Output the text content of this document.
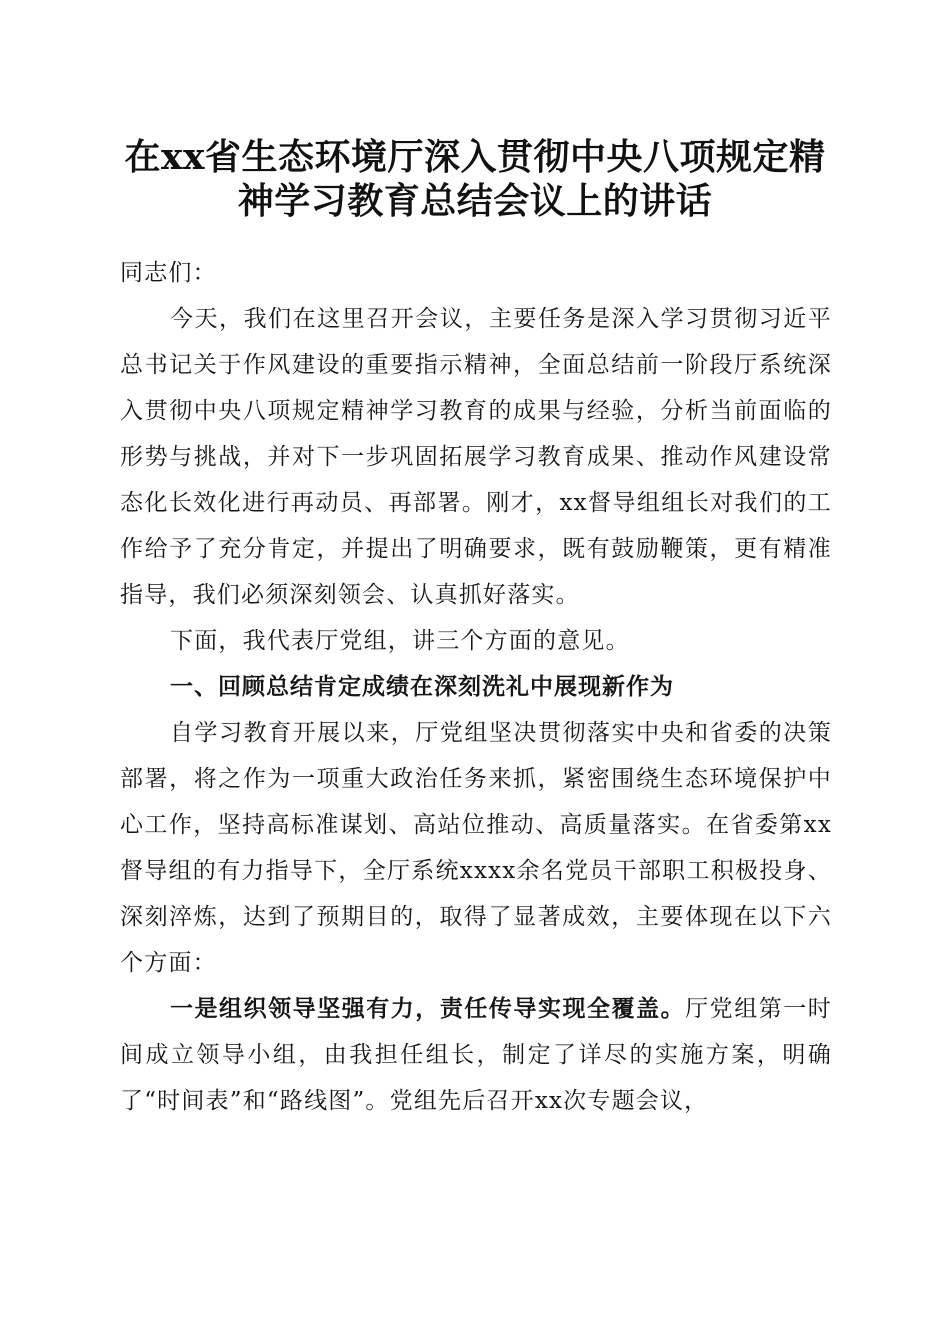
在xx省生态环境厅深入贯彻中央八项规定精
神学习教育总结会议上的讲话

同志们：

今天，我们在这里召开会议，主要任务是深入学习贯彻习近平总书记关于作风建设的重要指示精神，全面总结前一阶段厅系统深入贯彻中央八项规定精神学习教育的成果与经验，分析当前面临的形势与挑战，并对下一步巩固拓展学习教育成果、推动作风建设常态化长效化进行再动员、再部署。刚才，xx督导组组长对我们的工作给予了充分肯定，并提出了明确要求，既有鼓励鞭策，更有精准指导，我们必须深刻领会、认真抓好落实。

下面，我代表厅党组，讲三个方面的意见。

一、回顾总结肯定成绩在深刻洗礼中展现新作为

自学习教育开展以来，厅党组坚决贯彻落实中央和省委的决策部署，将之作为一项重大政治任务来抓，紧密围绕生态环境保护中心工作，坚持高标准谋划、高站位推动、高质量落实。在省委第xx督导组的有力指导下，全厅系统xxxx余名党员干部职工积极投身、深刻淬炼，达到了预期目的，取得了显著成效，主要体现在以下六个方面：

一是组织领导坚强有力，责任传导实现全覆盖。厅党组第一时间成立领导小组，由我担任组长，制定了详尽的实施方案，明确了“时间表”和“路线图”。党组先后召开xx次专题会议，
